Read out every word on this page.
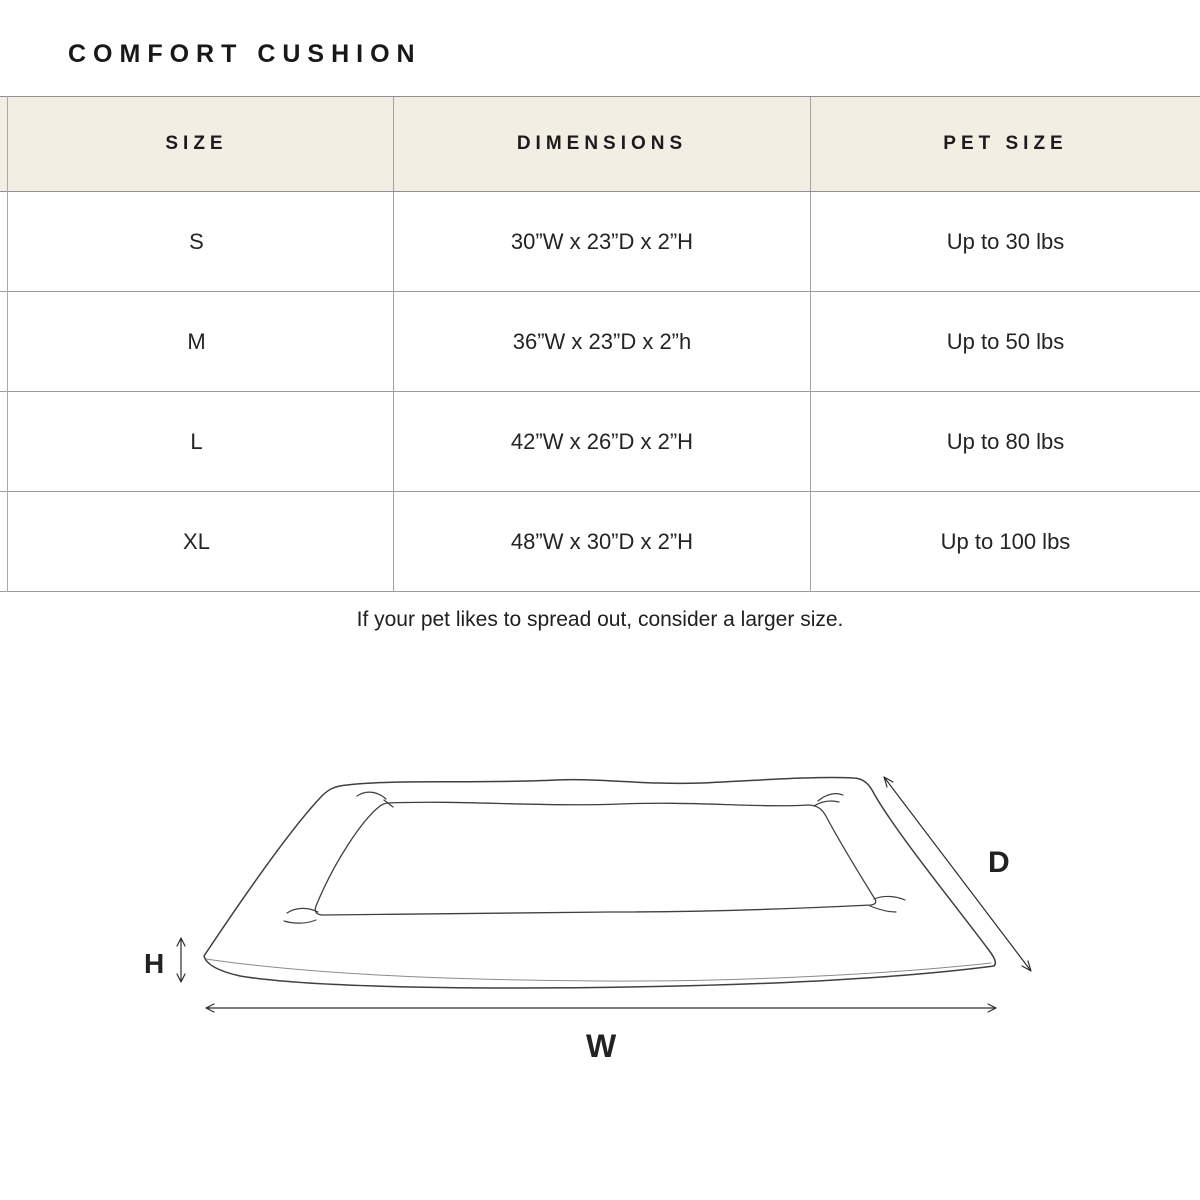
COMFORT CUSHION
SIZE	DIMENSIONS	PET SIZE
S	30”W x 23”D x 2”H	Up to 30 lbs
M	36”W x 23”D x 2”h	Up to 50 lbs
L	42”W x 26”D x 2”H	Up to 80 lbs
XL	48”W x 30”D x 2”H	Up to 100 lbs
If your pet likes to spread out, consider a larger size.
H
W
D
